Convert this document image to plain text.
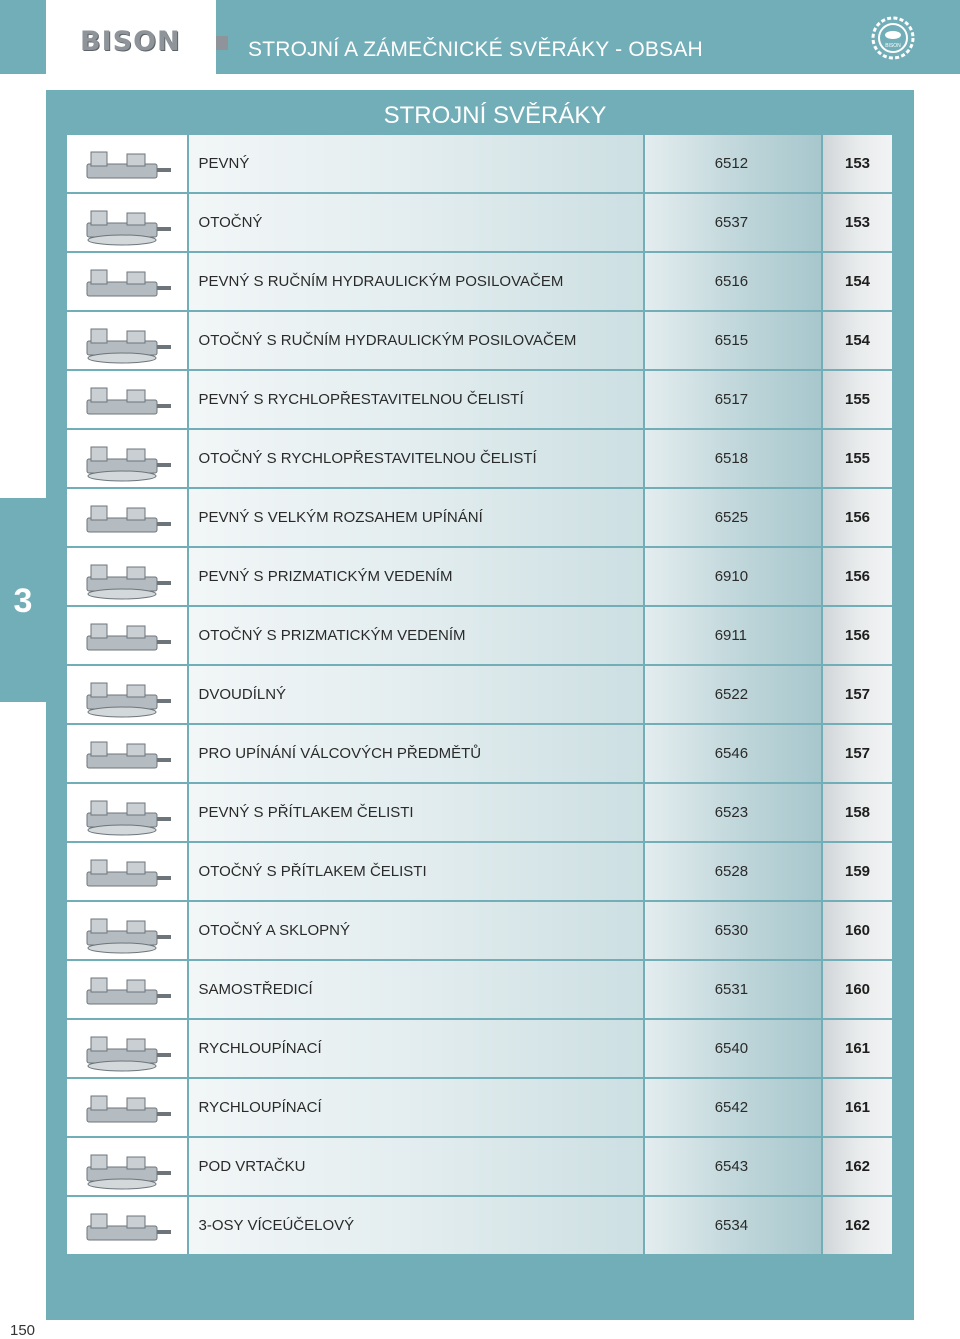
BISON	STROJNÍ A ZÁMEČNICKÉ SVĚRÁKY - OBSAH	BISON
3
STROJNÍ SVĚRÁKY
	PEVNÝ	6512	153

	OTOČNÝ	6537	153

	PEVNÝ S RUČNÍM HYDRAULICKÝM POSILOVAČEM	6516	154

	OTOČNÝ S RUČNÍM HYDRAULICKÝM POSILOVAČEM	6515	154

	PEVNÝ S RYCHLOPŘESTAVITELNOU ČELISTÍ	6517	155

	OTOČNÝ S RYCHLOPŘESTAVITELNOU ČELISTÍ	6518	155

	PEVNÝ S VELKÝM ROZSAHEM UPÍNÁNÍ	6525	156

	PEVNÝ S PRIZMATICKÝM VEDENÍM	6910	156

	OTOČNÝ S PRIZMATICKÝM VEDENÍM	6911	156

	DVOUDÍLNÝ	6522	157

	PRO UPÍNÁNÍ VÁLCOVÝCH PŘEDMĚTŮ	6546	157

	PEVNÝ S PŘÍTLAKEM ČELISTI	6523	158

	OTOČNÝ S PŘÍTLAKEM ČELISTI	6528	159

	OTOČNÝ A SKLOPNÝ	6530	160

	SAMOSTŘEDICÍ	6531	160

	RYCHLOUPÍNACÍ	6540	161

	RYCHLOUPÍNACÍ	6542	161

	POD VRTAČKU	6543	162

	3-OSY VÍCEÚČELOVÝ	6534	162
150
